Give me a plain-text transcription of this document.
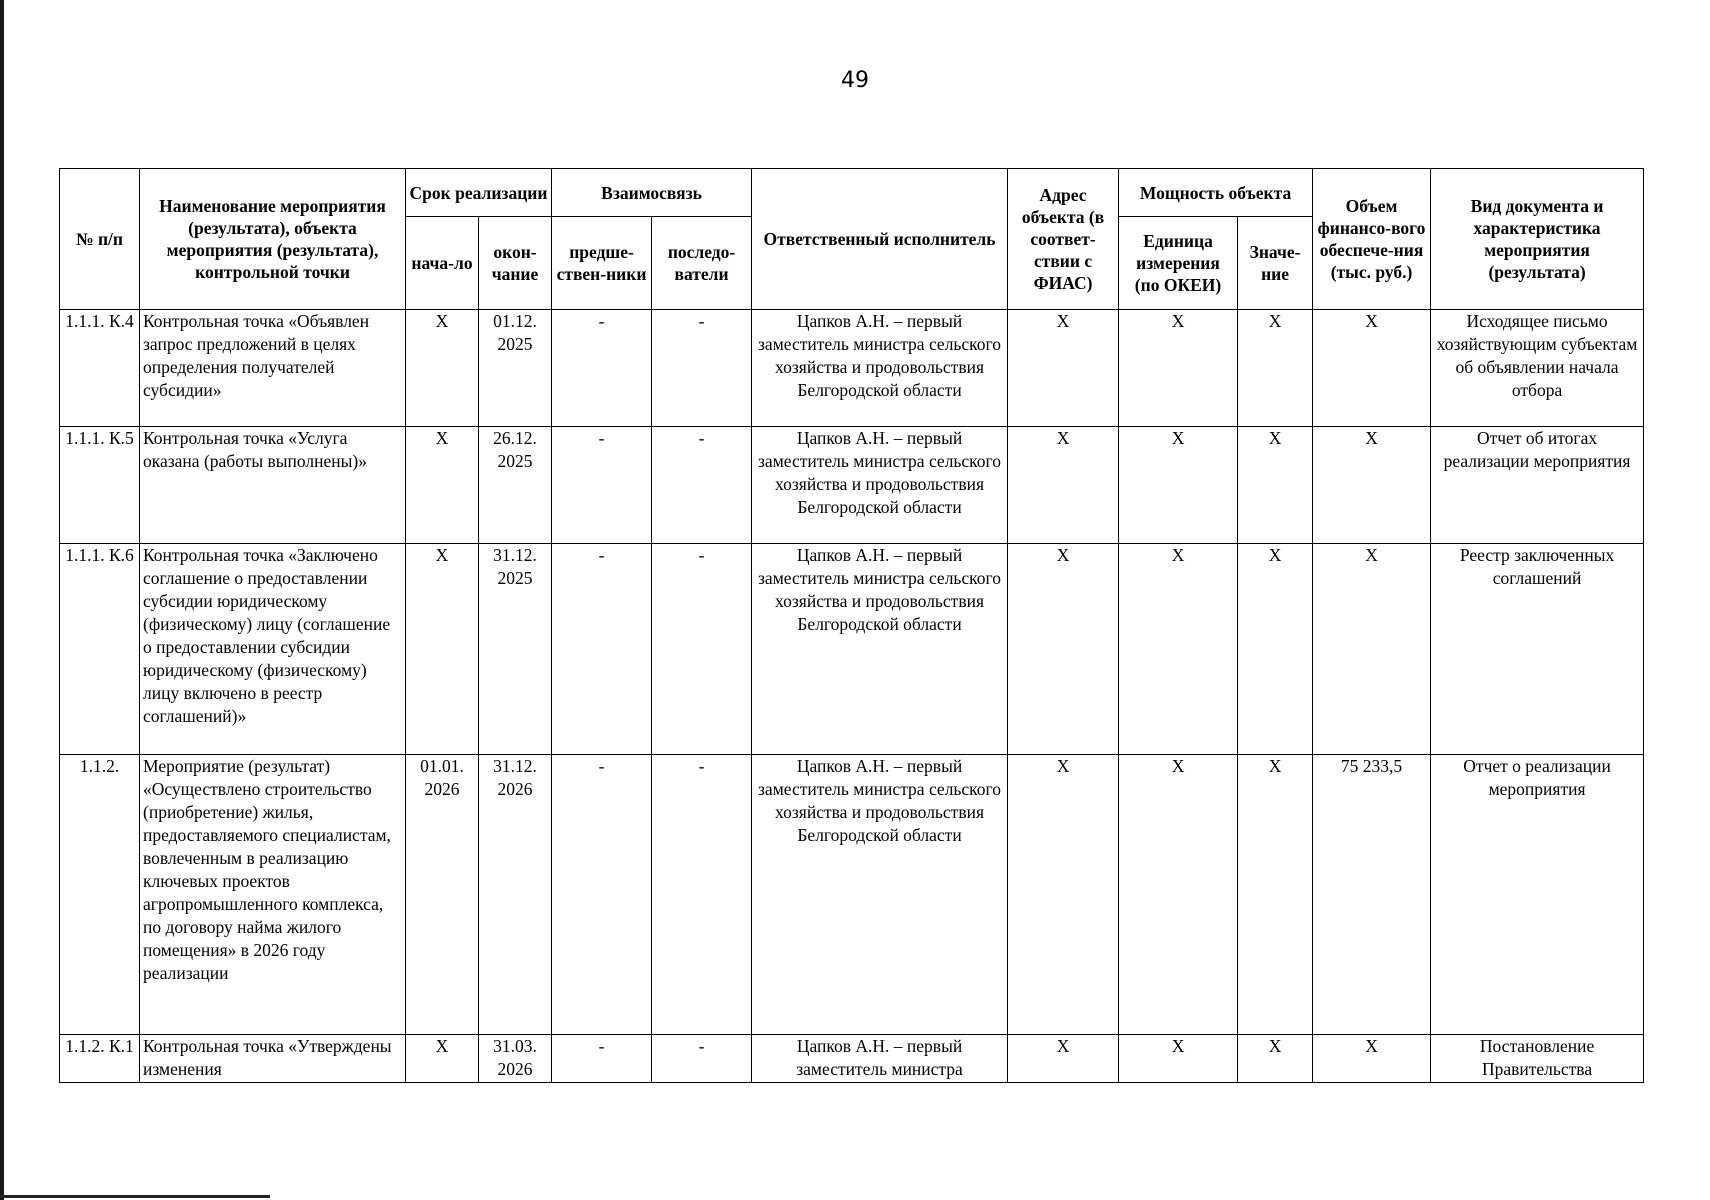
49
№ п/п	Наименование мероприятия (результата), объекта мероприятия (результата), контрольной точки	Срок реализации		Взаимосвязь		Ответственный исполнитель	Адрес объекта (в соответ-ствии с ФИАС)	Мощность объекта		Объем финансо-вого обеспече-ния (тыс. руб.)	Вид документа и характеристика мероприятия (результата)
		нача-ло	окон-чание	предше-ствен-ники	последо-ватели			Единица измерения (по ОКЕИ)	Значе-ние		
1.1.1. К.4	Контрольная точка «Объявлен запрос предложений в целях определения получателей субсидии»	Х	01.12. 2025	-	-	Цапков А.Н. – первый заместитель министра сельского хозяйства и продовольствия Белгородской области	Х	Х	Х	Х	Исходящее письмо хозяйствующим субъектам об объявлении начала отбора
1.1.1. К.5	Контрольная точка «Услуга оказана (работы выполнены)»	Х	26.12. 2025	-	-	Цапков А.Н. – первый заместитель министра сельского хозяйства и продовольствия Белгородской области	Х	Х	Х	Х	Отчет об итогах реализации мероприятия
1.1.1. К.6	Контрольная точка «Заключено соглашение о предоставлении субсидии юридическому (физическому) лицу (соглашение о предоставлении субсидии юридическому (физическому) лицу включено в реестр соглашений)»	Х	31.12. 2025	-	-	Цапков А.Н. – первый заместитель министра сельского хозяйства и продовольствия Белгородской области	Х	Х	Х	Х	Реестр заключенных соглашений
1.1.2.	Мероприятие (результат) «Осуществлено строительство (приобретение) жилья, предоставляемого специалистам, вовлеченным в реализацию ключевых проектов агропромышленного комплекса, по договору найма жилого помещения» в 2026 году реализации	01.01. 2026	31.12. 2026	-	-	Цапков А.Н. – первый заместитель министра сельского хозяйства и продовольствия Белгородской области	Х	Х	Х	75 233,5	Отчет о реализации мероприятия

1.1.2. К.1	Контрольная точка «Утверждены изменения	Х	31.03. 2026	-	-	Цапков А.Н. – первый заместитель министра	Х	Х	Х	Х	Постановление Правительства
